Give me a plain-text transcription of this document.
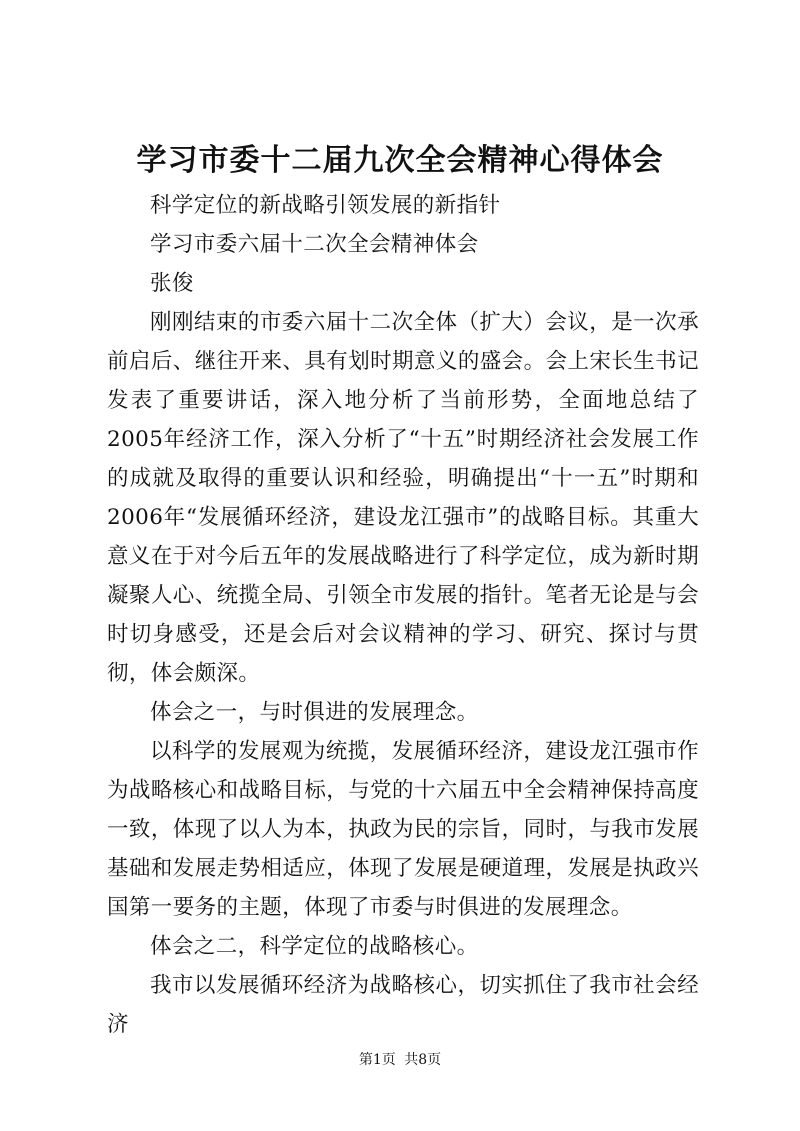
学习市委十二届九次全会精神心得体会

科学定位的新战略引领发展的新指针

学习市委六届十二次全会精神体会

张俊

刚刚结束的市委六届十二次全体（扩大）会议，是一次承前启后、继往开来、具有划时期意义的盛会。会上宋长生书记发表了重要讲话，深入地分析了当前形势，全面地总结了2005年经济工作，深入分析了“十五”时期经济社会发展工作的成就及取得的重要认识和经验，明确提出“十一五”时期和2006年“发展循环经济，建设龙江强市”的战略目标。其重大意义在于对今后五年的发展战略进行了科学定位，成为新时期凝聚人心、统揽全局、引领全市发展的指针。笔者无论是与会时切身感受，还是会后对会议精神的学习、研究、探讨与贯彻，体会颇深。

体会之一，与时俱进的发展理念。

以科学的发展观为统揽，发展循环经济，建设龙江强市作为战略核心和战略目标，与党的十六届五中全会精神保持高度一致，体现了以人为本，执政为民的宗旨，同时，与我市发展基础和发展走势相适应，体现了发展是硬道理，发展是执政兴国第一要务的主题，体现了市委与时俱进的发展理念。

体会之二，科学定位的战略核心。

我市以发展循环经济为战略核心，切实抓住了我市社会经济

第1页 共8页
